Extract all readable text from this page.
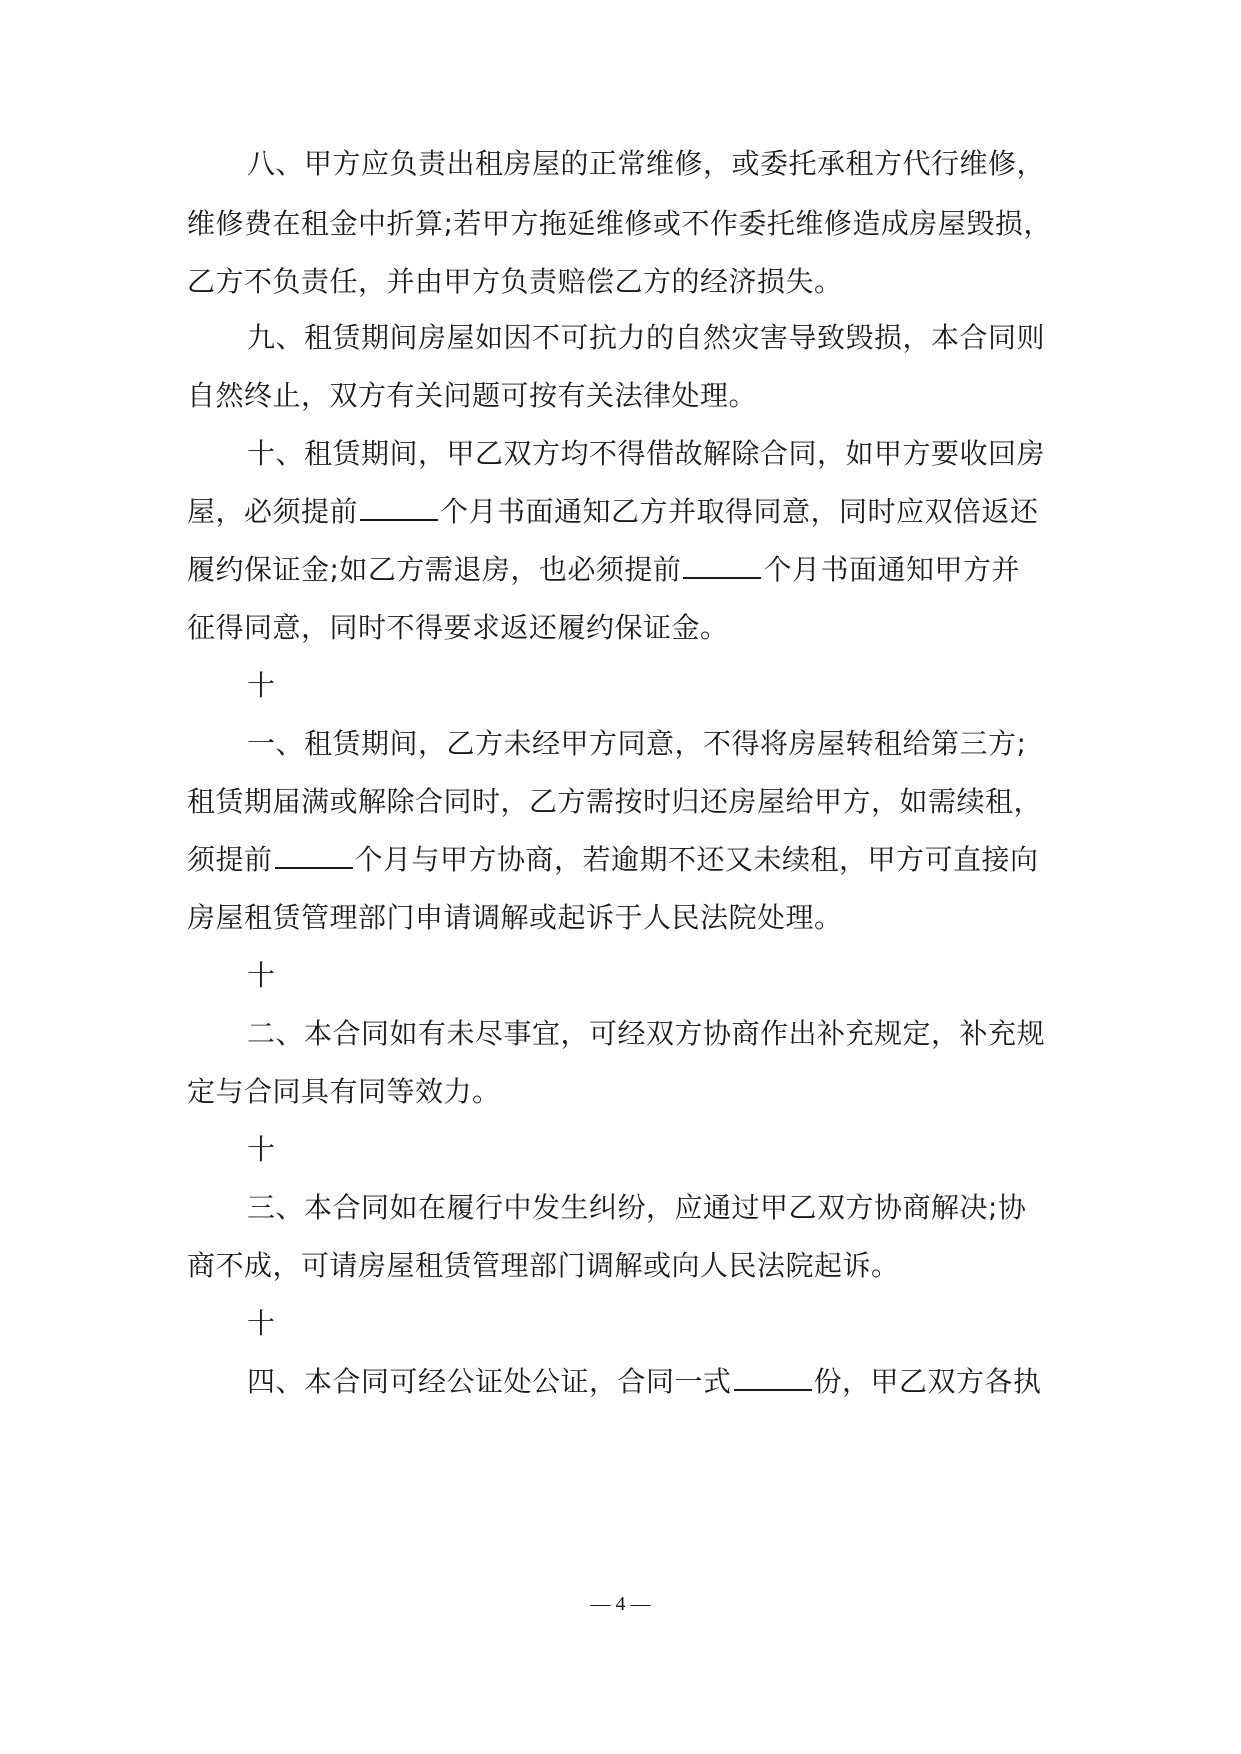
八、甲方应负责出租房屋的正常维修，或委托承租方代行维修，
维修费在租金中折算;若甲方拖延维修或不作委托维修造成房屋毁损，
乙方不负责任，并由甲方负责赔偿乙方的经济损失。
九、租赁期间房屋如因不可抗力的自然灾害导致毁损，本合同则
自然终止，双方有关问题可按有关法律处理。
十、租赁期间，甲乙双方均不得借故解除合同，如甲方要收回房
屋，必须提前	个月书面通知乙方并取得同意，同时应双倍返还
履约保证金;如乙方需退房，也必须提前	个月书面通知甲方并
征得同意，同时不得要求返还履约保证金。
十
一、租赁期间，乙方未经甲方同意，不得将房屋转租给第三方;
租赁期届满或解除合同时，乙方需按时归还房屋给甲方，如需续租，
须提前	个月与甲方协商，若逾期不还又未续租，甲方可直接向
房屋租赁管理部门申请调解或起诉于人民法院处理。
十
二、本合同如有未尽事宜，可经双方协商作出补充规定，补充规
定与合同具有同等效力。
十
三、本合同如在履行中发生纠纷，应通过甲乙双方协商解决;协
商不成，可请房屋租赁管理部门调解或向人民法院起诉。
十
四、本合同可经公证处公证，合同一式	份，甲乙双方各执
— 4 —
